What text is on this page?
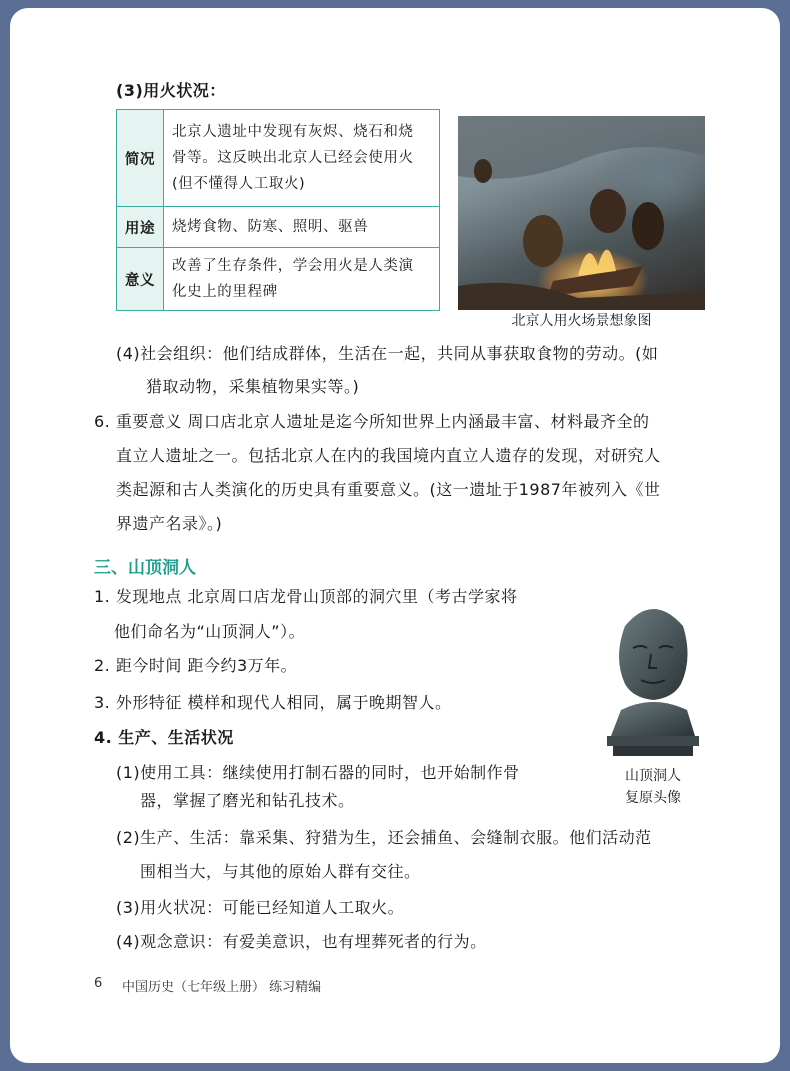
(3)用火状况：
简况	北京人遗址中发现有灰烬、烧石和烧
骨等。这反映出北京人已经会使用火
(但不懂得人工取火)

用途	烧烤食物、防寒、照明、驱兽

意义	改善了生存条件，学会用火是人类演
化史上的里程碑
北京人用火场景想象图
(4)社会组织：他们结成群体，生活在一起，共同从事获取食物的劳动。(如
猎取动物，采集植物果实等。)
6. 重要意义 周口店北京人遗址是迄今所知世界上内涵最丰富、材料最齐全的
直立人遗址之一。包括北京人在内的我国境内直立人遗存的发现，对研究人
类起源和古人类演化的历史具有重要意义。(这一遗址于1987年被列入《世
界遗产名录》。)
三、山顶洞人
1. 发现地点 北京周口店龙骨山顶部的洞穴里（考古学家将
他们命名为“山顶洞人”）。
2. 距今时间 距今约3万年。
3. 外形特征 模样和现代人相同，属于晚期智人。
4. 生产、生活状况
(1)使用工具：继续使用打制石器的同时，也开始制作骨
器，掌握了磨光和钻孔技术。
(2)生产、生活：靠采集、狩猎为生，还会捕鱼、会缝制衣服。他们活动范
围相当大，与其他的原始人群有交往。
(3)用火状况：可能已经知道人工取火。
(4)观念意识：有爱美意识，也有埋葬死者的行为。
山顶洞人
复原头像
6 中国历史（七年级上册） 练习精编
